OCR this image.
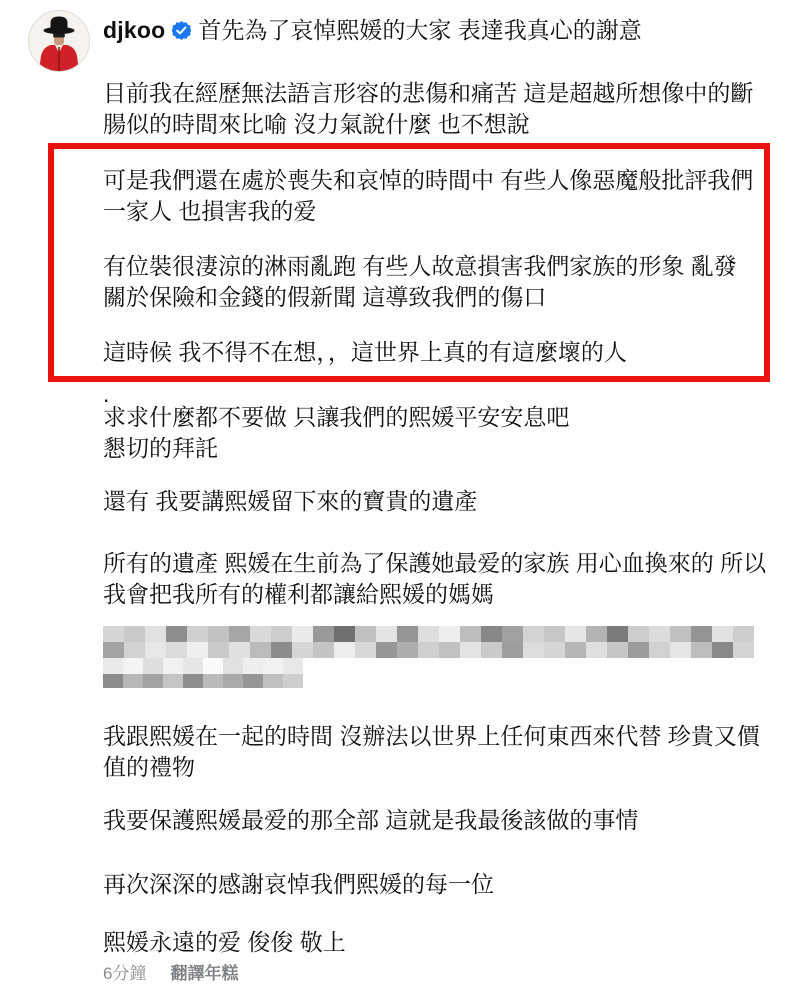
djkoo 首先為了哀悼熙媛的大家 表達我真心的謝意

目前我在經歷無法語言形容的悲傷和痛苦 這是超越所想像中的斷腸似的時間來比喻 沒力氣說什麼 也不想說

可是我們還在處於喪失和哀悼的時間中 有些人像惡魔般批評我們一家人 也損害我的爱

有位裝很淒涼的淋雨亂跑 有些人故意損害我們家族的形象 亂發關於保險和金錢的假新聞 這導致我們的傷口

這時候 我不得不在想，，這世界上真的有這麼壞的人

.

求求什麼都不要做 只讓我們的熙媛平安安息吧
懇切的拜託

還有 我要講熙媛留下來的寶貴的遺產

所有的遺產 熙媛在生前為了保護她最爱的家族 用心血換來的 所以我會把我所有的權利都讓給熙媛的媽媽

我跟熙媛在一起的時間 沒辦法以世界上任何東西來代替 珍貴又價值的禮物

我要保護熙媛最爱的那全部 這就是我最後該做的事情

再次深深的感謝哀悼我們熙媛的每一位

熙媛永遠的爱 俊俊 敬上

6分鐘 翻譯年糕
